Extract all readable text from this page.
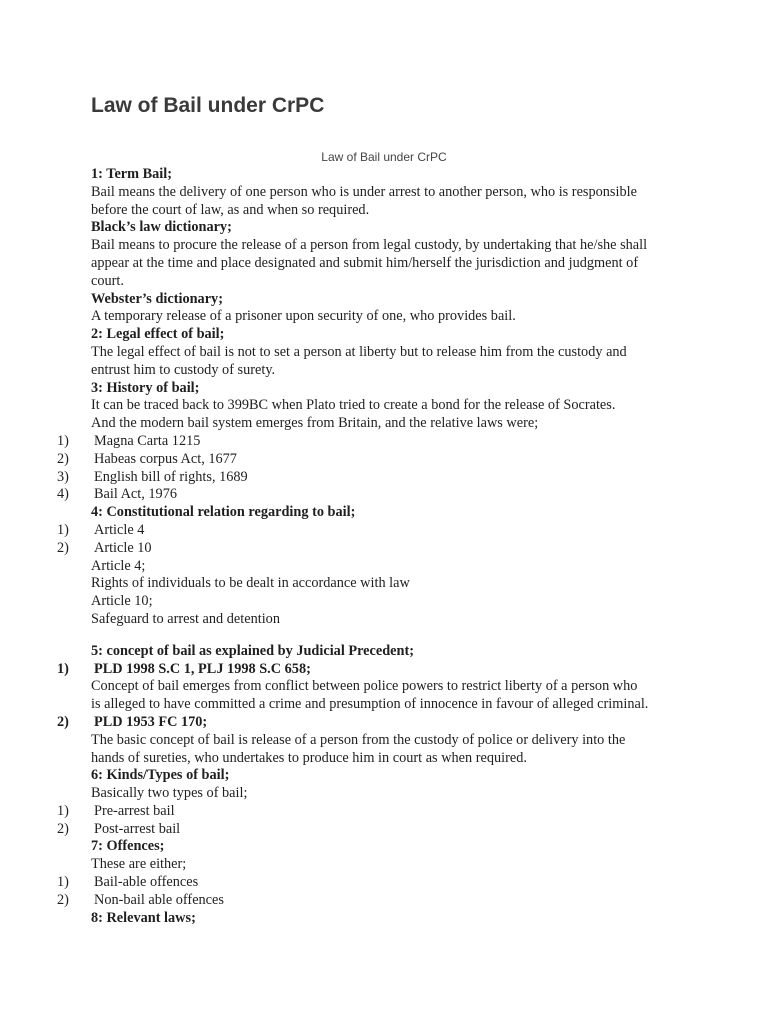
Law of Bail under CrPC
Law of Bail under CrPC
1: Term Bail;
Bail means the delivery of one person who is under arrest to another person, who is responsible
before the court of law, as and when so required.
Black’s law dictionary;
Bail means to procure the release of a person from legal custody, by undertaking that he/she shall
appear at the time and place designated and submit him/herself the jurisdiction and judgment of
court.
Webster’s dictionary;
A temporary release of a prisoner upon security of one, who provides bail.
2: Legal effect of bail;
The legal effect of bail is not to set a person at liberty but to release him from the custody and
entrust him to custody of surety.
3: History of bail;
It can be traced back to 399BC when Plato tried to create a bond for the release of Socrates.
And the modern bail system emerges from Britain, and the relative laws were;
1) Magna Carta 1215
2) Habeas corpus Act, 1677
3) English bill of rights, 1689
4) Bail Act, 1976
4: Constitutional relation regarding to bail;
1) Article 4
2) Article 10
Article 4;
Rights of individuals to be dealt in accordance with law
Article 10;
Safeguard to arrest and detention
5: concept of bail as explained by Judicial Precedent;
1) PLD 1998 S.C 1, PLJ 1998 S.C 658;
Concept of bail emerges from conflict between police powers to restrict liberty of a person who
is alleged to have committed a crime and presumption of innocence in favour of alleged criminal.
2) PLD 1953 FC 170;
The basic concept of bail is release of a person from the custody of police or delivery into the
hands of sureties, who undertakes to produce him in court as when required.
6: Kinds/Types of bail;
Basically two types of bail;
1) Pre-arrest bail
2) Post-arrest bail
7: Offences;
These are either;
1) Bail-able offences
2) Non-bail able offences
8: Relevant laws;
